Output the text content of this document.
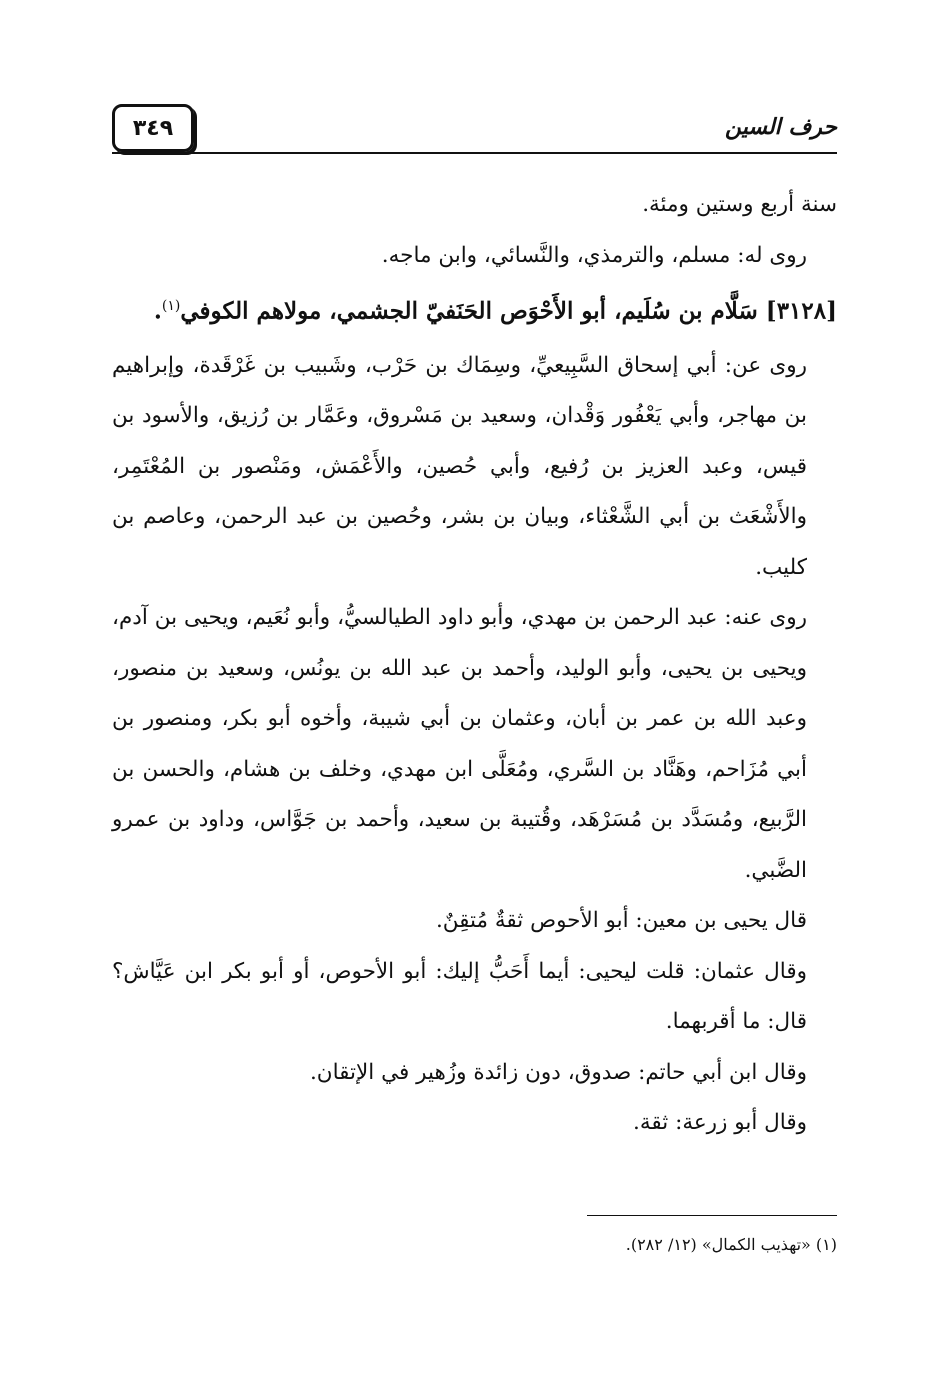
٣٤٩	حرف السين

سنة أربع وستين ومئة.

روى له: مسلم، والترمذي، والنَّسائي، وابن ماجه.

[٣١٢٨] سَلَّام بن سُلَيم، أبو الأَحْوَص الحَنَفيّ الجشمي، مولاهم الكوفي$^{(١)}$.

روى عن: أبي إسحاق السَّبِيعيِّ، وسِمَاك بن حَرْب، وشَبيب بن غَرْقَدة، وإبراهيم بن مهاجر، وأبي يَعْفُور وَقْدان، وسعيد بن مَسْروق، وعَمَّار بن رُزيق، والأسود بن قيس، وعبد العزيز بن رُفيع، وأبي حُصين، والأَعْمَش، ومَنْصور بن المُعْتَمِر، والأَشْعَث بن أبي الشَّعْثاء، وبيان بن بشر، وحُصين بن عبد الرحمن، وعاصم بن كليب.

روى عنه: عبد الرحمن بن مهدي، وأبو داود الطيالسيُّ، وأبو نُعَيم، ويحيى بن آدم، ويحيى بن يحيى، وأبو الوليد، وأحمد بن عبد الله بن يونُس، وسعيد بن منصور، وعبد الله بن عمر بن أبان، وعثمان بن أبي شيبة، وأخوه أبو بكر، ومنصور بن أبي مُزَاحم، وهَنَّاد بن السَّري، ومُعَلَّى ابن مهدي، وخلف بن هشام، والحسن بن الرَّبيع، ومُسَدَّد بن مُسَرْهَد، وقُتيبة بن سعيد، وأحمد بن جَوَّاس، وداود بن عمرو الضَّبي.

قال يحيى بن معين: أبو الأحوص ثقةٌ مُتقِنٌ.

وقال عثمان: قلت ليحيى: أيما أَحَبُّ إليك: أبو الأحوص، أو أبو بكر ابن عَيَّاش؟ قال: ما أقربهما.

وقال ابن أبي حاتم: صدوق، دون زائدة وزُهير في الإتقان.

وقال أبو زرعة: ثقة.

(١) «تهذيب الكمال» (١٢/ ٢٨٢).
